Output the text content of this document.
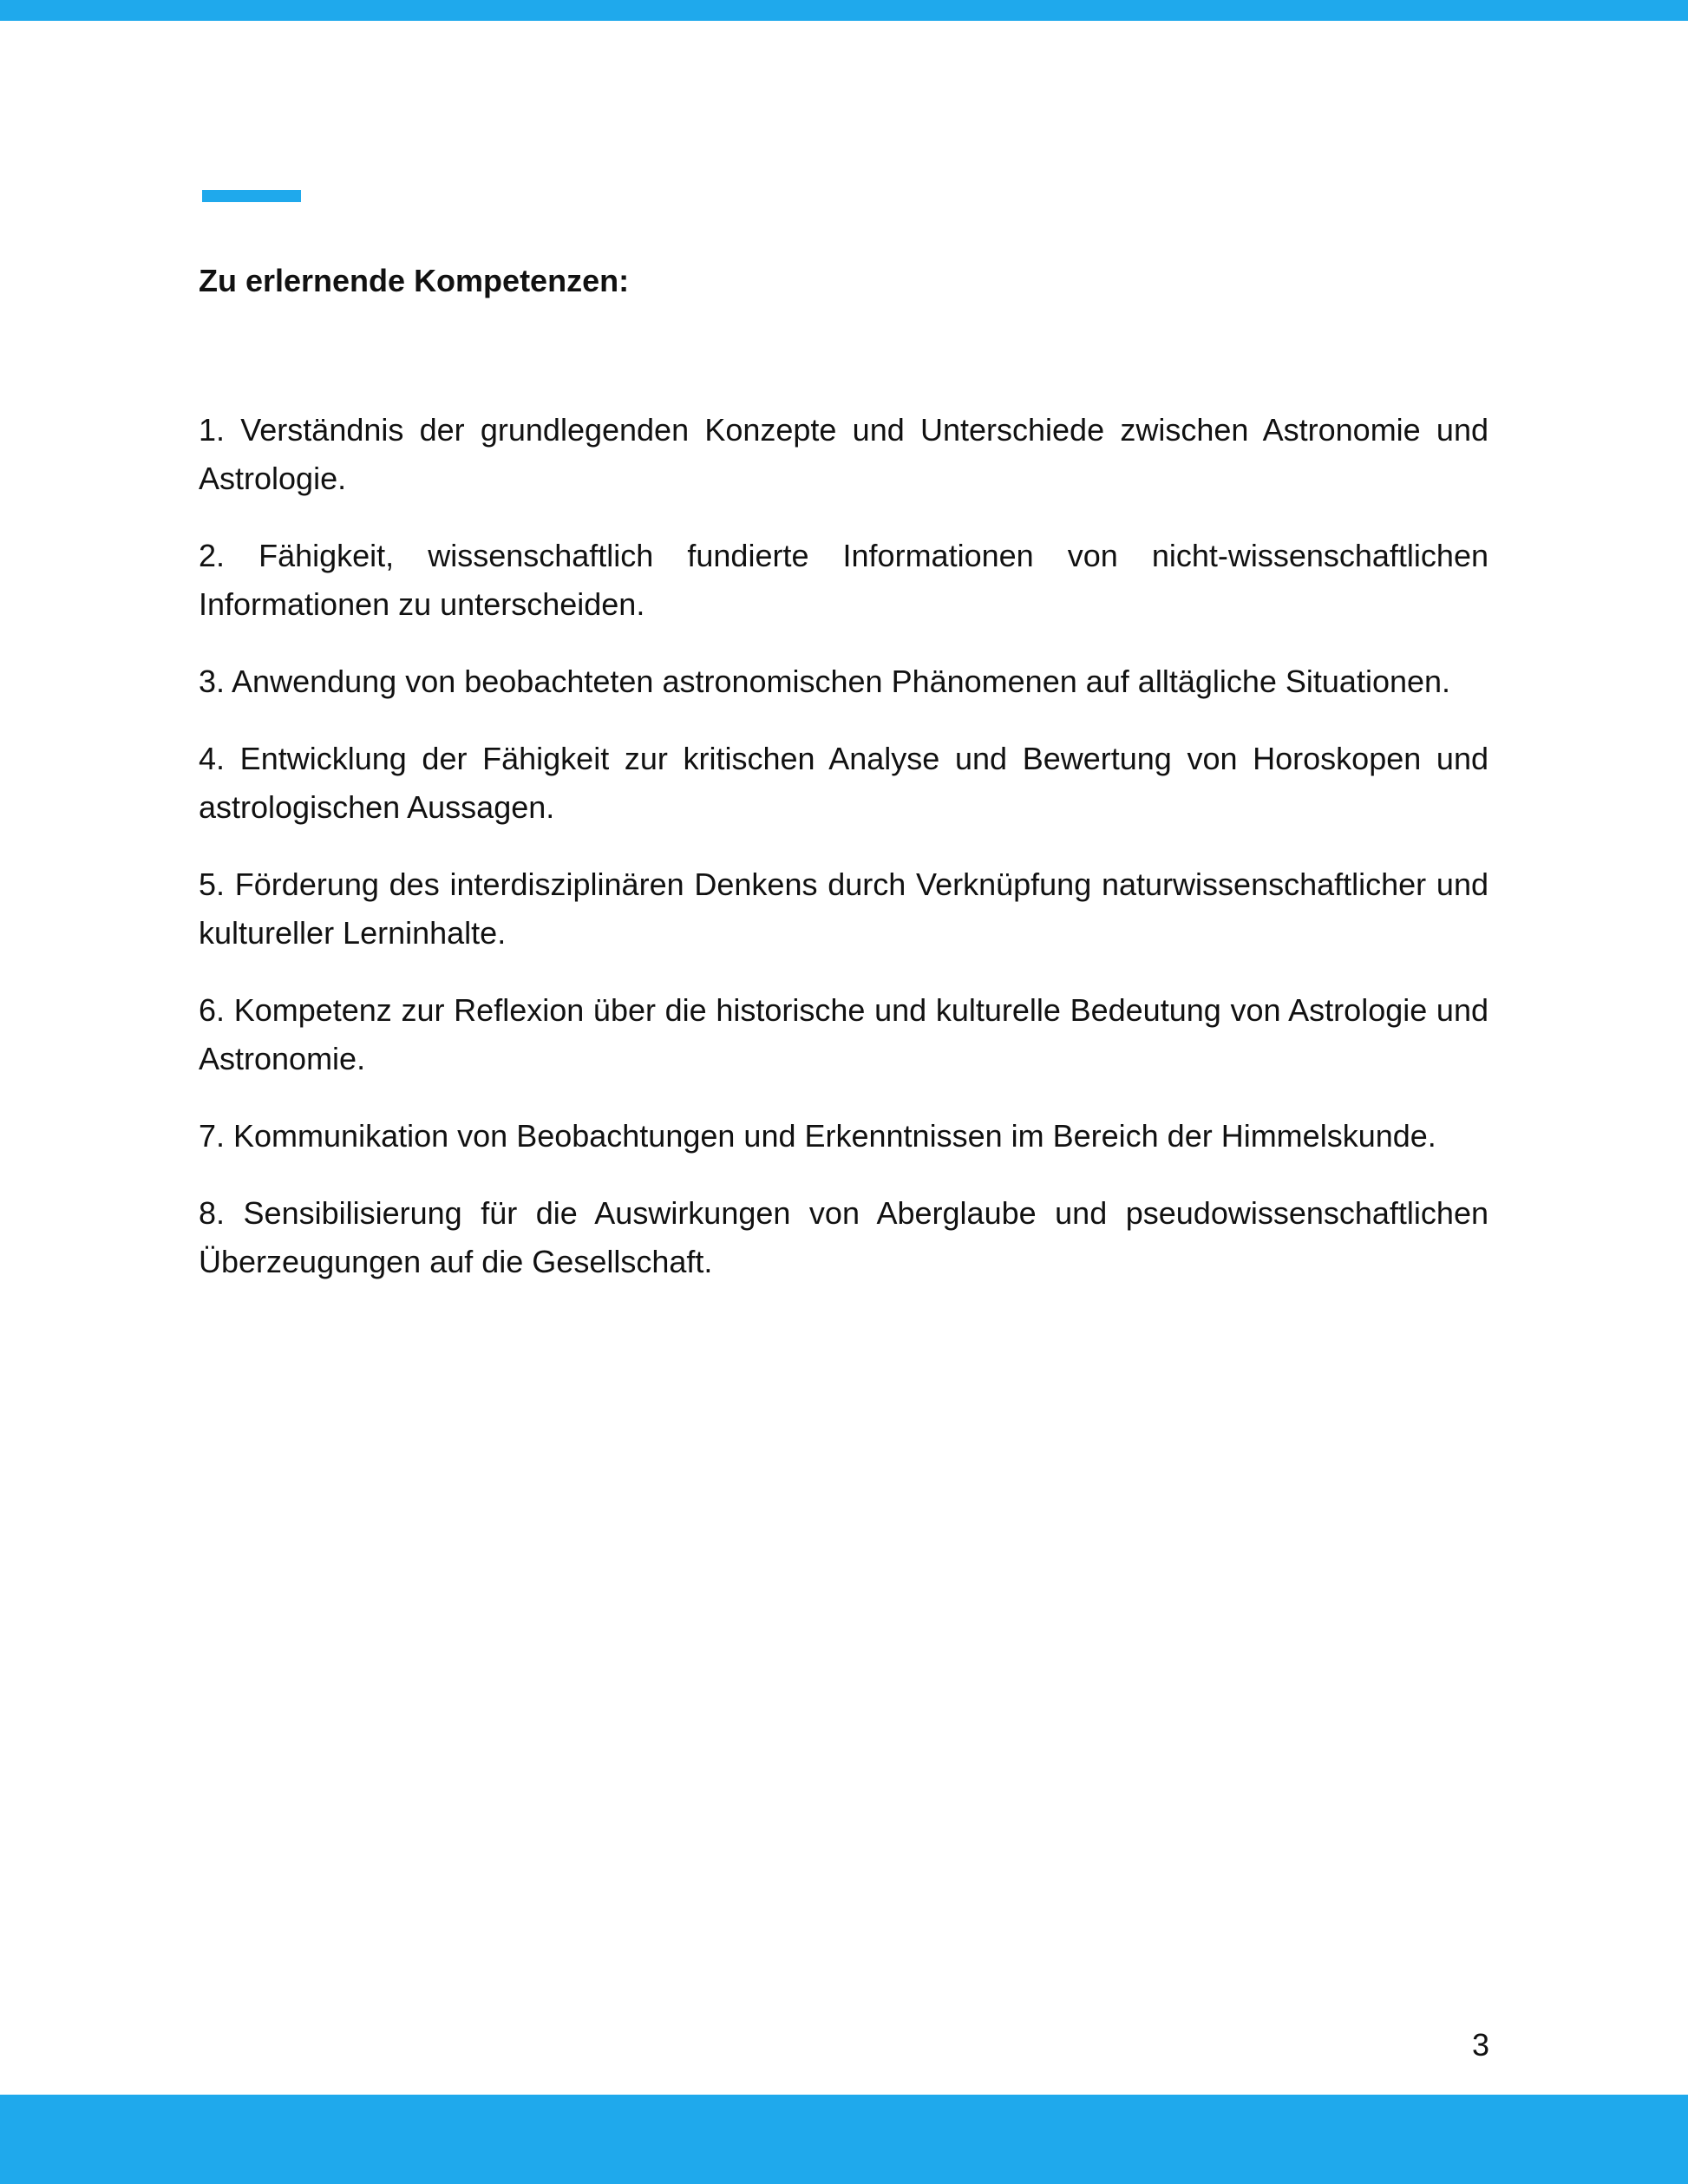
Zu erlernende Kompetenzen:
1. Verständnis der grundlegenden Konzepte und Unterschiede zwischen Astronomie und Astrologie.
2. Fähigkeit, wissenschaftlich fundierte Informationen von nicht-wissenschaftlichen Informationen zu unterscheiden.
3. Anwendung von beobachteten astronomischen Phänomenen auf alltägliche Situationen.
4. Entwicklung der Fähigkeit zur kritischen Analyse und Bewertung von Horoskopen und astrologischen Aussagen.
5. Förderung des interdisziplinären Denkens durch Verknüpfung naturwissenschaftlicher und kultureller Lerninhalte.
6. Kompetenz zur Reflexion über die historische und kulturelle Bedeutung von Astrologie und Astronomie.
7. Kommunikation von Beobachtungen und Erkenntnissen im Bereich der Himmelskunde.
8. Sensibilisierung für die Auswirkungen von Aberglaube und pseudowissenschaftlichen Überzeugungen auf die Gesellschaft.
3
